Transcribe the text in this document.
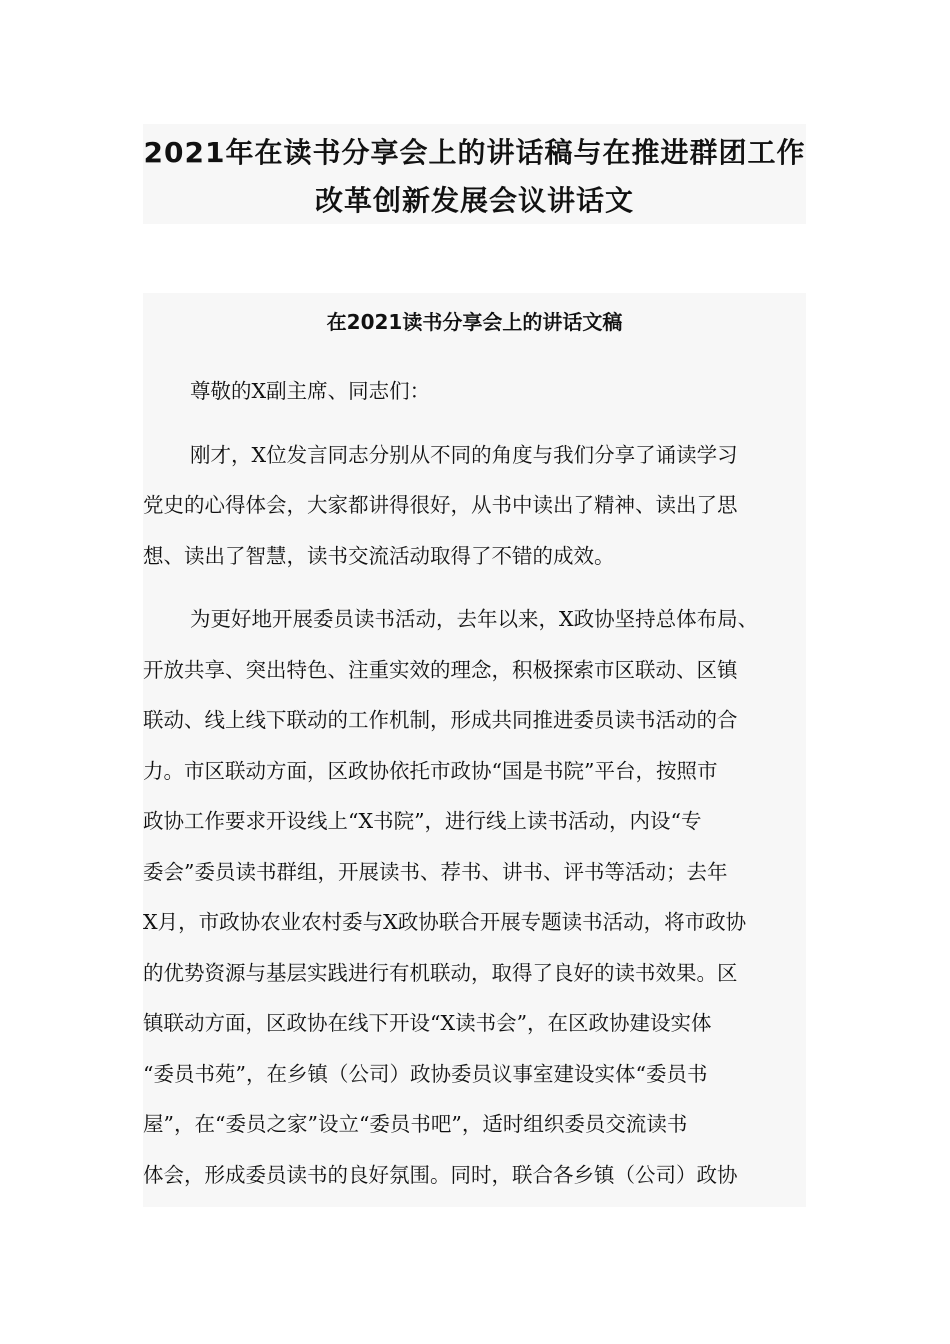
2021年在读书分享会上的讲话稿与在推进群团工作
改革创新发展会议讲话文
在2021读书分享会上的讲话文稿

尊敬的X副主席、同志们：

刚才，X位发言同志分别从不同的角度与我们分享了诵读学习

党史的心得体会，大家都讲得很好，从书中读出了精神、读出了思

想、读出了智慧，读书交流活动取得了不错的成效。

为更好地开展委员读书活动，去年以来，X政协坚持总体布局、

开放共享、突出特色、注重实效的理念，积极探索市区联动、区镇

联动、线上线下联动的工作机制，形成共同推进委员读书活动的合

力。市区联动方面，区政协依托市政协“国是书院”平台，按照市

政协工作要求开设线上“X书院”，进行线上读书活动，内设“专

委会”委员读书群组，开展读书、荐书、讲书、评书等活动；去年

X月，市政协农业农村委与X政协联合开展专题读书活动，将市政协

的优势资源与基层实践进行有机联动，取得了良好的读书效果。区

镇联动方面，区政协在线下开设“X读书会”，在区政协建设实体

“委员书苑”，在乡镇（公司）政协委员议事室建设实体“委员书

屋”，在“委员之家”设立“委员书吧”，适时组织委员交流读书

体会，形成委员读书的良好氛围。同时，联合各乡镇（公司）政协
